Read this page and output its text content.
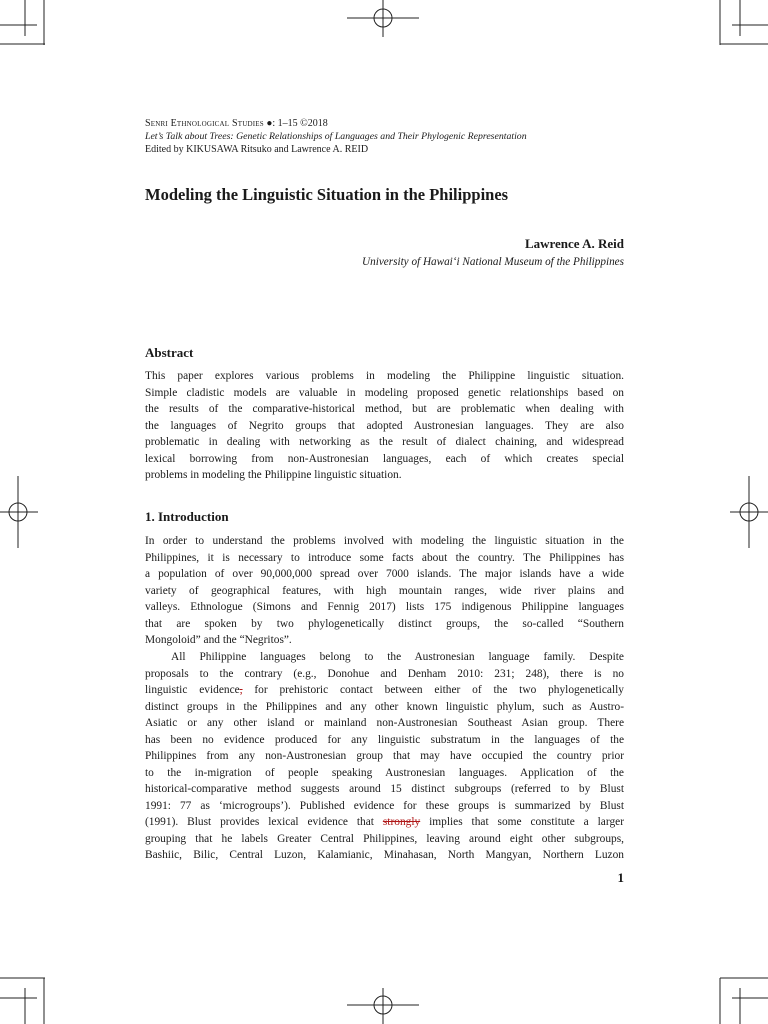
Senri Ethnological Studies ●: 1–15 ©2018
Let’s Talk about Trees: Genetic Relationships of Languages and Their Phylogenic Representation
Edited by KIKUSAWA Ritsuko and Lawrence A. REID
Modeling the Linguistic Situation in the Philippines
Lawrence A. Reid
University of Hawai‘i National Museum of the Philippines
Abstract
This paper explores various problems in modeling the Philippine linguistic situation.
Simple cladistic models are valuable in modeling proposed genetic relationships based on
the results of the comparative-historical method, but are problematic when dealing with
the languages of Negrito groups that adopted Austronesian languages. They are also
problematic in dealing with networking as the result of dialect chaining, and widespread
lexical borrowing from non-Austronesian languages, each of which creates special
problems in modeling the Philippine linguistic situation.
1. Introduction
In order to understand the problems involved with modeling the linguistic situation in the
Philippines, it is necessary to introduce some facts about the country. The Philippines has
a population of over 90,000,000 spread over 7000 islands. The major islands have a wide
variety of geographical features, with high mountain ranges, wide river plains and
valleys. Ethnologue (Simons and Fennig 2017) lists 175 indigenous Philippine languages
that are spoken by two phylogenetically distinct groups, the so-called “Southern
Mongoloid” and the “Negritos”.
All Philippine languages belong to the Austronesian language family. Despite
proposals to the contrary (e.g., Donohue and Denham 2010: 231; 248), there is no
linguistic evidence, for prehistoric contact between either of the two phylogenetically
distinct groups in the Philippines and any other known linguistic phylum, such as Austro-
Asiatic or any other island or mainland non-Austronesian Southeast Asian group. There
has been no evidence produced for any linguistic substratum in the languages of the
Philippines from any non-Austronesian group that may have occupied the country prior
to the in-migration of people speaking Austronesian languages. Application of the
historical-comparative method suggests around 15 distinct subgroups (referred to by Blust
1991: 77 as ‘microgroups’). Published evidence for these groups is summarized by Blust
(1991). Blust provides lexical evidence that strongly implies that some constitute a larger
grouping that he labels Greater Central Philippines, leaving around eight other subgroups,
Bashiic, Bilic, Central Luzon, Kalamianic, Minahasan, North Mangyan, Northern Luzon
1
